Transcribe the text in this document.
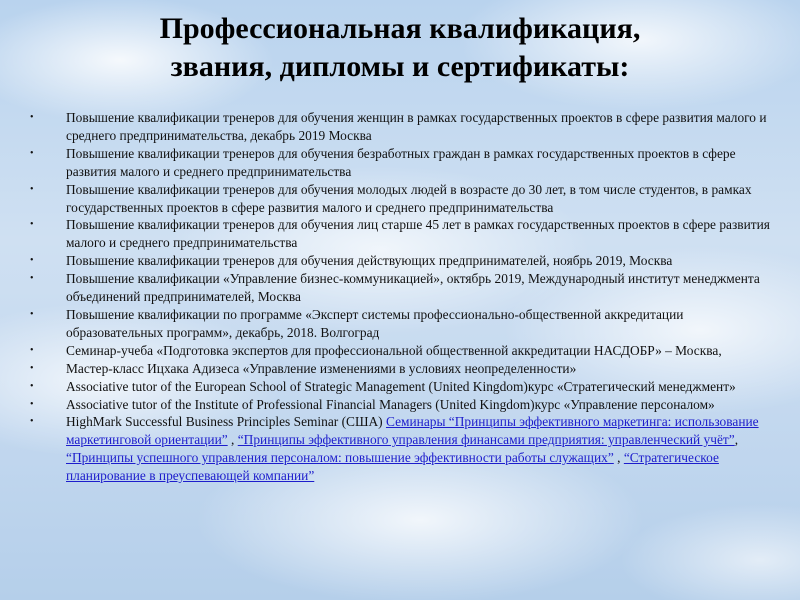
Профессиональная квалификация,
звания, дипломы и сертификаты:
•	Повышение квалификации тренеров для обучения женщин в рамках государственных проектов в сфере развития малого и среднего предпринимательства, декабрь 2019 Москва
•	Повышение квалификации тренеров для обучения безработных граждан в рамках государственных проектов в сфере развития малого и среднего предпринимательства
•	Повышение квалификации тренеров для обучения молодых людей в возрасте до 30 лет, в том числе студентов, в рамках государственных проектов в сфере развития малого и среднего предпринимательства
•	Повышение квалификации тренеров для обучения лиц старше 45 лет в рамках государственных проектов в сфере развития малого и среднего предпринимательства
•	Повышение квалификации тренеров для обучения действующих предпринимателей, ноябрь 2019, Москва
•	Повышение квалификации «Управление бизнес-коммуникацией», октябрь 2019, Международный институт менеджмента объединений предпринимателей, Москва
•	Повышение квалификации по программе «Эксперт системы профессионально-общественной аккредитации образовательных программ», декабрь, 2018. Волгоград
•	Семинар-учеба «Подготовка экспертов для профессиональной общественной аккредитации НАСДОБР» – Москва,
•	Мастер-класс Ицхака Адизеса «Управление изменениями в условиях неопределенности»
•	Associative tutor of the European School of Strategic Management (United Kingdom)курс «Стратегический менеджмент»
•	Associative tutor of the Institute of Professional Financial Managers (United Kingdom)курс «Управление персоналом»
•	HighMark Successful Business Principles Seminar (США) Семинары “Принципы эффективного маркетинга: использование маркетинговой ориентации” , “Принципы эффективного управления финансами предприятия: управленческий учёт”, “Принципы успешного управления персоналом: повышение эффективности работы служащих” , “Стратегическое планирование в преуспевающей компании”
